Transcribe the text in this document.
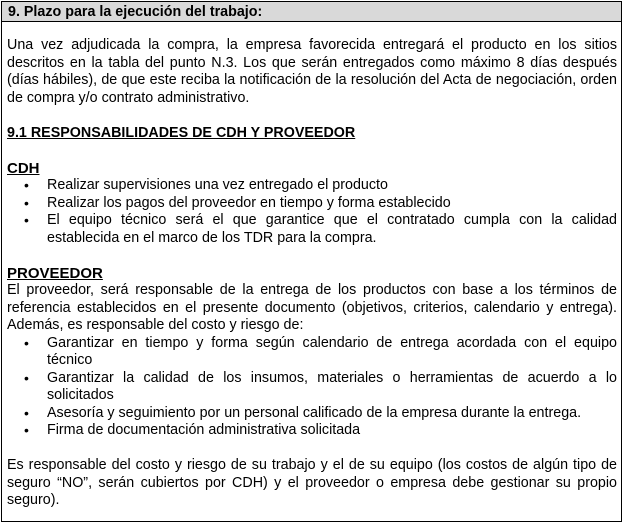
9. Plazo para la ejecución del trabajo:

Una vez adjudicada la compra, la empresa favorecida entregará el producto en los sitios descritos en la tabla del punto N.3. Los que serán entregados como máximo 8 días después (días hábiles), de que este reciba la notificación de la resolución del Acta de negociación, orden de compra y/o contrato administrativo.

9.1 RESPONSABILIDADES DE CDH Y PROVEEDOR

CDH

• Realizar supervisiones una vez entregado el producto
• Realizar los pagos del proveedor en tiempo y forma establecido
• El equipo técnico será el que garantice que el contratado cumpla con la calidad establecida en el marco de los TDR para la compra.

PROVEEDOR

El proveedor, será responsable de la entrega de los productos con base a los términos de referencia establecidos en el presente documento (objetivos, criterios, calendario y entrega). Además, es responsable del costo y riesgo de:

• Garantizar en tiempo y forma según calendario de entrega acordada con el equipo técnico
• Garantizar la calidad de los insumos, materiales o herramientas de acuerdo a lo solicitados
• Asesoría y seguimiento por un personal calificado de la empresa durante la entrega.
• Firma de documentación administrativa solicitada

Es responsable del costo y riesgo de su trabajo y el de su equipo (los costos de algún tipo de seguro “NO”, serán cubiertos por CDH) y el proveedor o empresa debe gestionar su propio seguro).
